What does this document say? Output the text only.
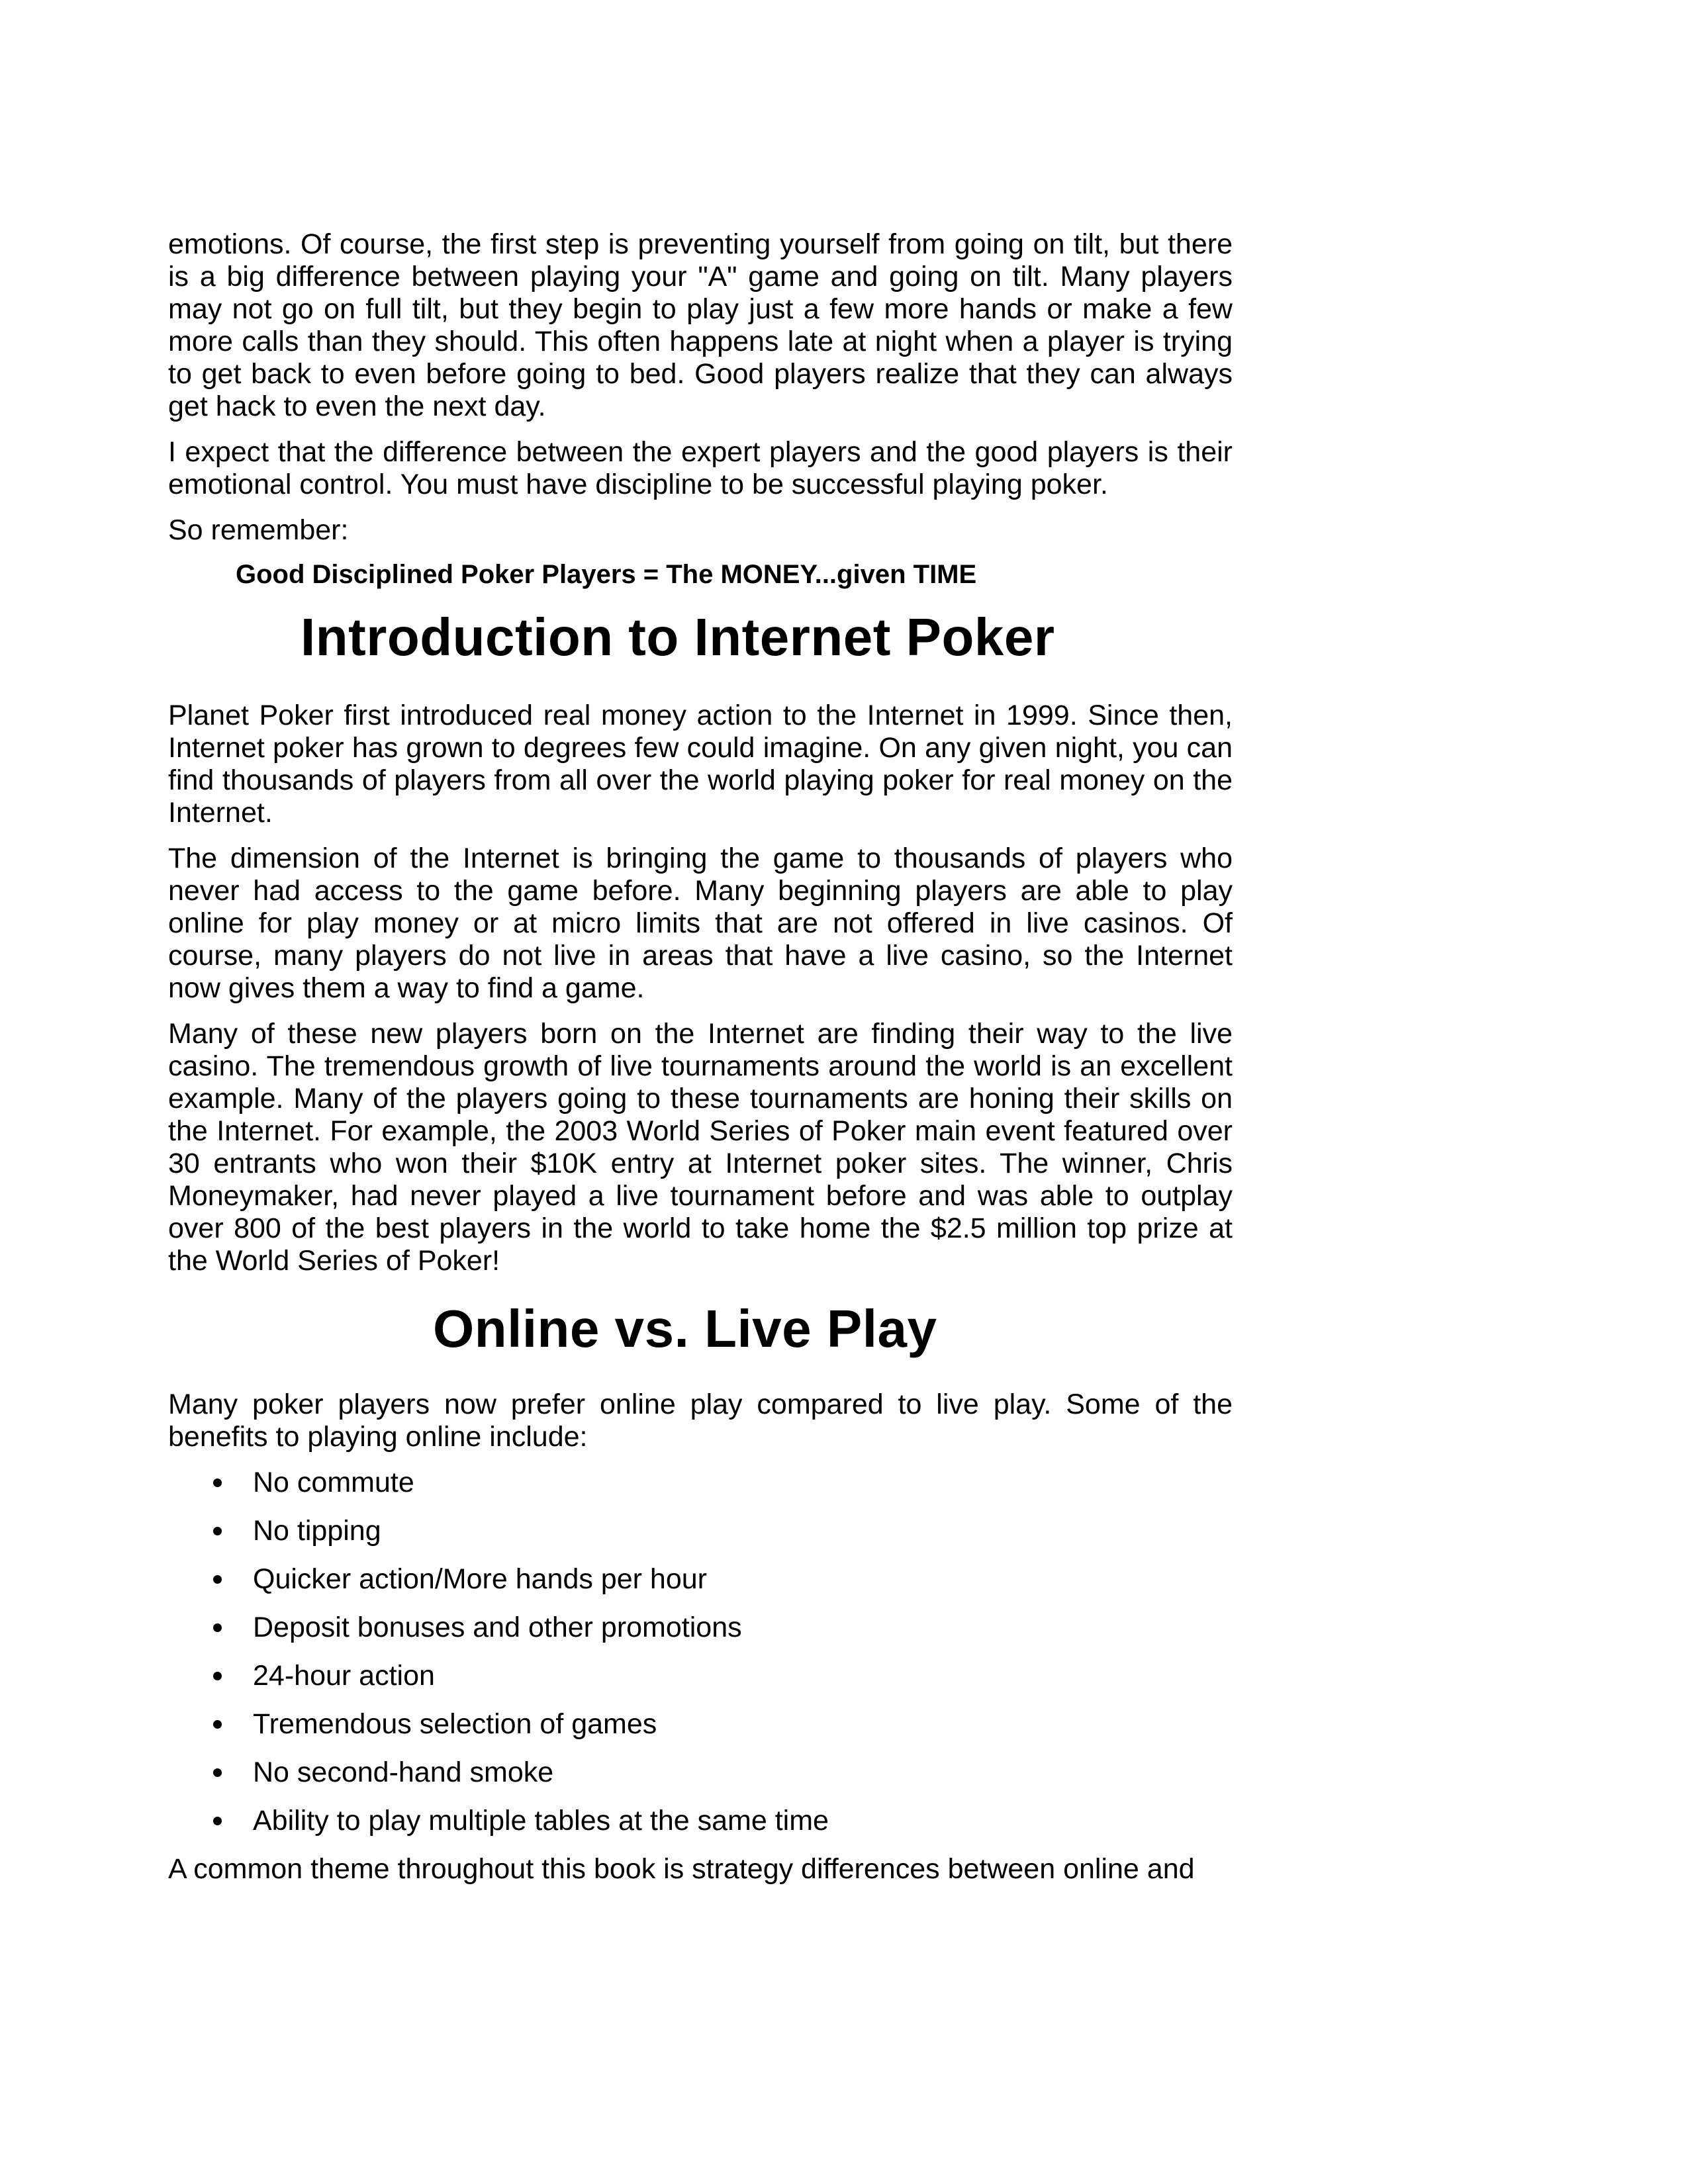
emotions. Of course, the first step is preventing yourself from going on tilt, but there is a big difference between playing your "A" game and going on tilt. Many players may not go on full tilt, but they begin to play just a few more hands or make a few more calls than they should. This often happens late at night when a player is trying to get back to even before going to bed. Good players realize that they can always get hack to even the next day.

I expect that the difference between the expert players and the good players is their emotional control. You must have discipline to be successful playing poker.

So remember:

Good Disciplined Poker Players = The MONEY...given TIME

Introduction to Internet Poker

Planet Poker first introduced real money action to the Internet in 1999. Since then, Internet poker has grown to degrees few could imagine. On any given night, you can find thousands of players from all over the world playing poker for real money on the Internet.

The dimension of the Internet is bringing the game to thousands of players who never had access to the game before. Many beginning players are able to play online for play money or at micro limits that are not offered in live casinos. Of course, many players do not live in areas that have a live casino, so the Internet now gives them a way to find a game.

Many of these new players born on the Internet are finding their way to the live casino. The tremendous growth of live tournaments around the world is an excellent example. Many of the players going to these tournaments are honing their skills on the Internet. For example, the 2003 World Series of Poker main event featured over 30 entrants who won their $10K entry at Internet poker sites. The winner, Chris Moneymaker, had never played a live tournament before and was able to outplay over 800 of the best players in the world to take home the $2.5 million top prize at the World Series of Poker!

Online vs. Live Play

Many poker players now prefer online play compared to live play. Some of the benefits to playing online include:

No commute
No tipping
Quicker action/More hands per hour
Deposit bonuses and other promotions
24-hour action
Tremendous selection of games
No second-hand smoke
Ability to play multiple tables at the same time

A common theme throughout this book is strategy differences between online and
